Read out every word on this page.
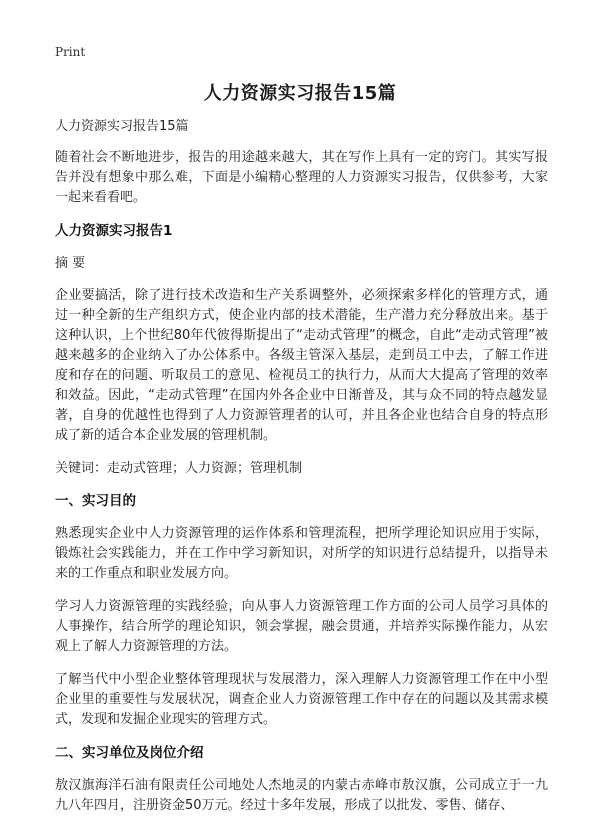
Print
人力资源实习报告15篇

人力资源实习报告15篇

随着社会不断地进步，报告的用途越来越大，其在写作上具有一定的窍门。其实写报告并没有想象中那么难，下面是小编精心整理的人力资源实习报告，仅供参考，大家一起来看看吧。

人力资源实习报告1

摘 要

企业要搞活，除了进行技术改造和生产关系调整外，必须探索多样化的管理方式，通过一种全新的生产组织方式，使企业内部的技术潜能，生产潜力充分释放出来。基于这种认识，上个世纪80年代彼得斯提出了“走动式管理”的概念，自此“走动式管理”被越来越多的企业纳入了办公体系中。各级主管深入基层，走到员工中去，了解工作进度和存在的问题、听取员工的意见、检视员工的执行力，从而大大提高了管理的效率和效益。因此，“走动式管理”在国内外各企业中日渐普及，其与众不同的特点越发显著，自身的优越性也得到了人力资源管理者的认可，并且各企业也结合自身的特点形成了新的适合本企业发展的管理机制。

关键词：走动式管理；人力资源；管理机制

一、实习目的

熟悉现实企业中人力资源管理的运作体系和管理流程，把所学理论知识应用于实际，锻炼社会实践能力，并在工作中学习新知识，对所学的知识进行总结提升，以指导未来的工作重点和职业发展方向。

学习人力资源管理的实践经验，向从事人力资源管理工作方面的公司人员学习具体的人事操作，结合所学的理论知识，领会掌握，融会贯通，并培养实际操作能力，从宏观上了解人力资源管理的方法。

了解当代中小型企业整体管理现状与发展潜力，深入理解人力资源管理工作在中小型企业里的重要性与发展状况，调查企业人力资源管理工作中存在的问题以及其需求模式，发现和发掘企业现实的管理方式。

二、实习单位及岗位介绍

敖汉旗海洋石油有限责任公司地处人杰地灵的内蒙古赤峰市敖汉旗，公司成立于一九九八年四月，注册资金50万元。经过十多年发展，形成了以批发、零售、储存、
